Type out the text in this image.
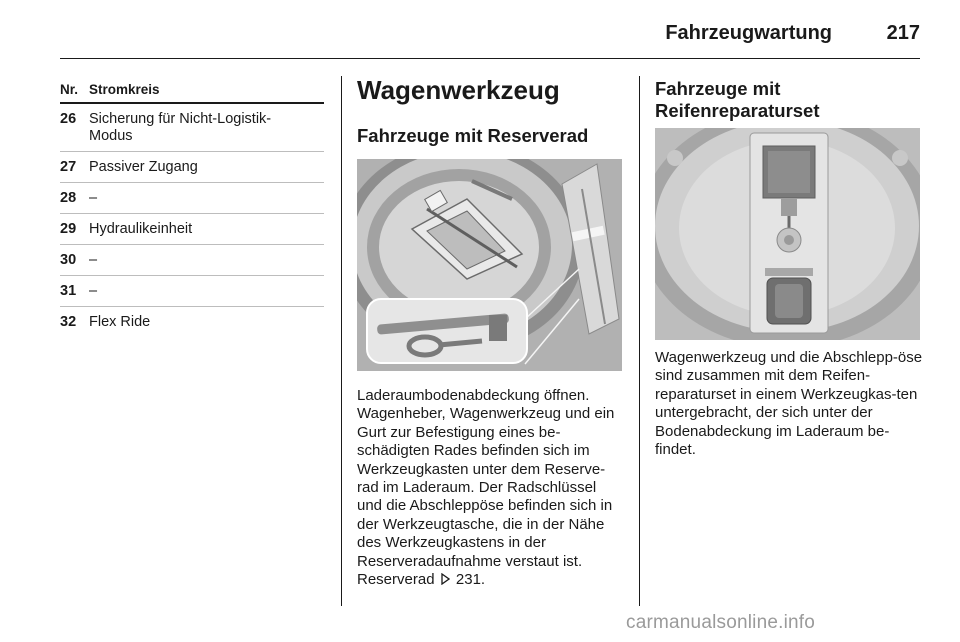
Fahrzeugwartung	217
Nr. Stromkreis
26 Sicherung für Nicht-Logistik-Modus
27 Passiver Zugang
28 –
29 Hydraulikeinheit
30 –
31 –
32 Flex Ride
Wagenwerkzeug
Fahrzeuge mit Reserverad

Laderaumbodenabdeckung öffnen. Wagenheber, Wagenwerkzeug und ein Gurt zur Befestigung eines be-schädigten Rades befinden sich im Werkzeugkasten unter dem Reserve-rad im Laderaum. Der Radschlüssel und die Abschleppöse befinden sich in der Werkzeugtasche, die in der Nähe des Werkzeugkastens in der Reserveradaufnahme verstaut ist.

Reserverad 231.

Fahrzeuge mit
Reifenreparaturset

Wagenwerkzeug und die Abschlepp-öse sind zusammen mit dem Reifen-reparaturset in einem Werkzeugkas-ten untergebracht, der sich unter der Bodenabdeckung im Laderaum be-findet.

carmanualsonline.info
